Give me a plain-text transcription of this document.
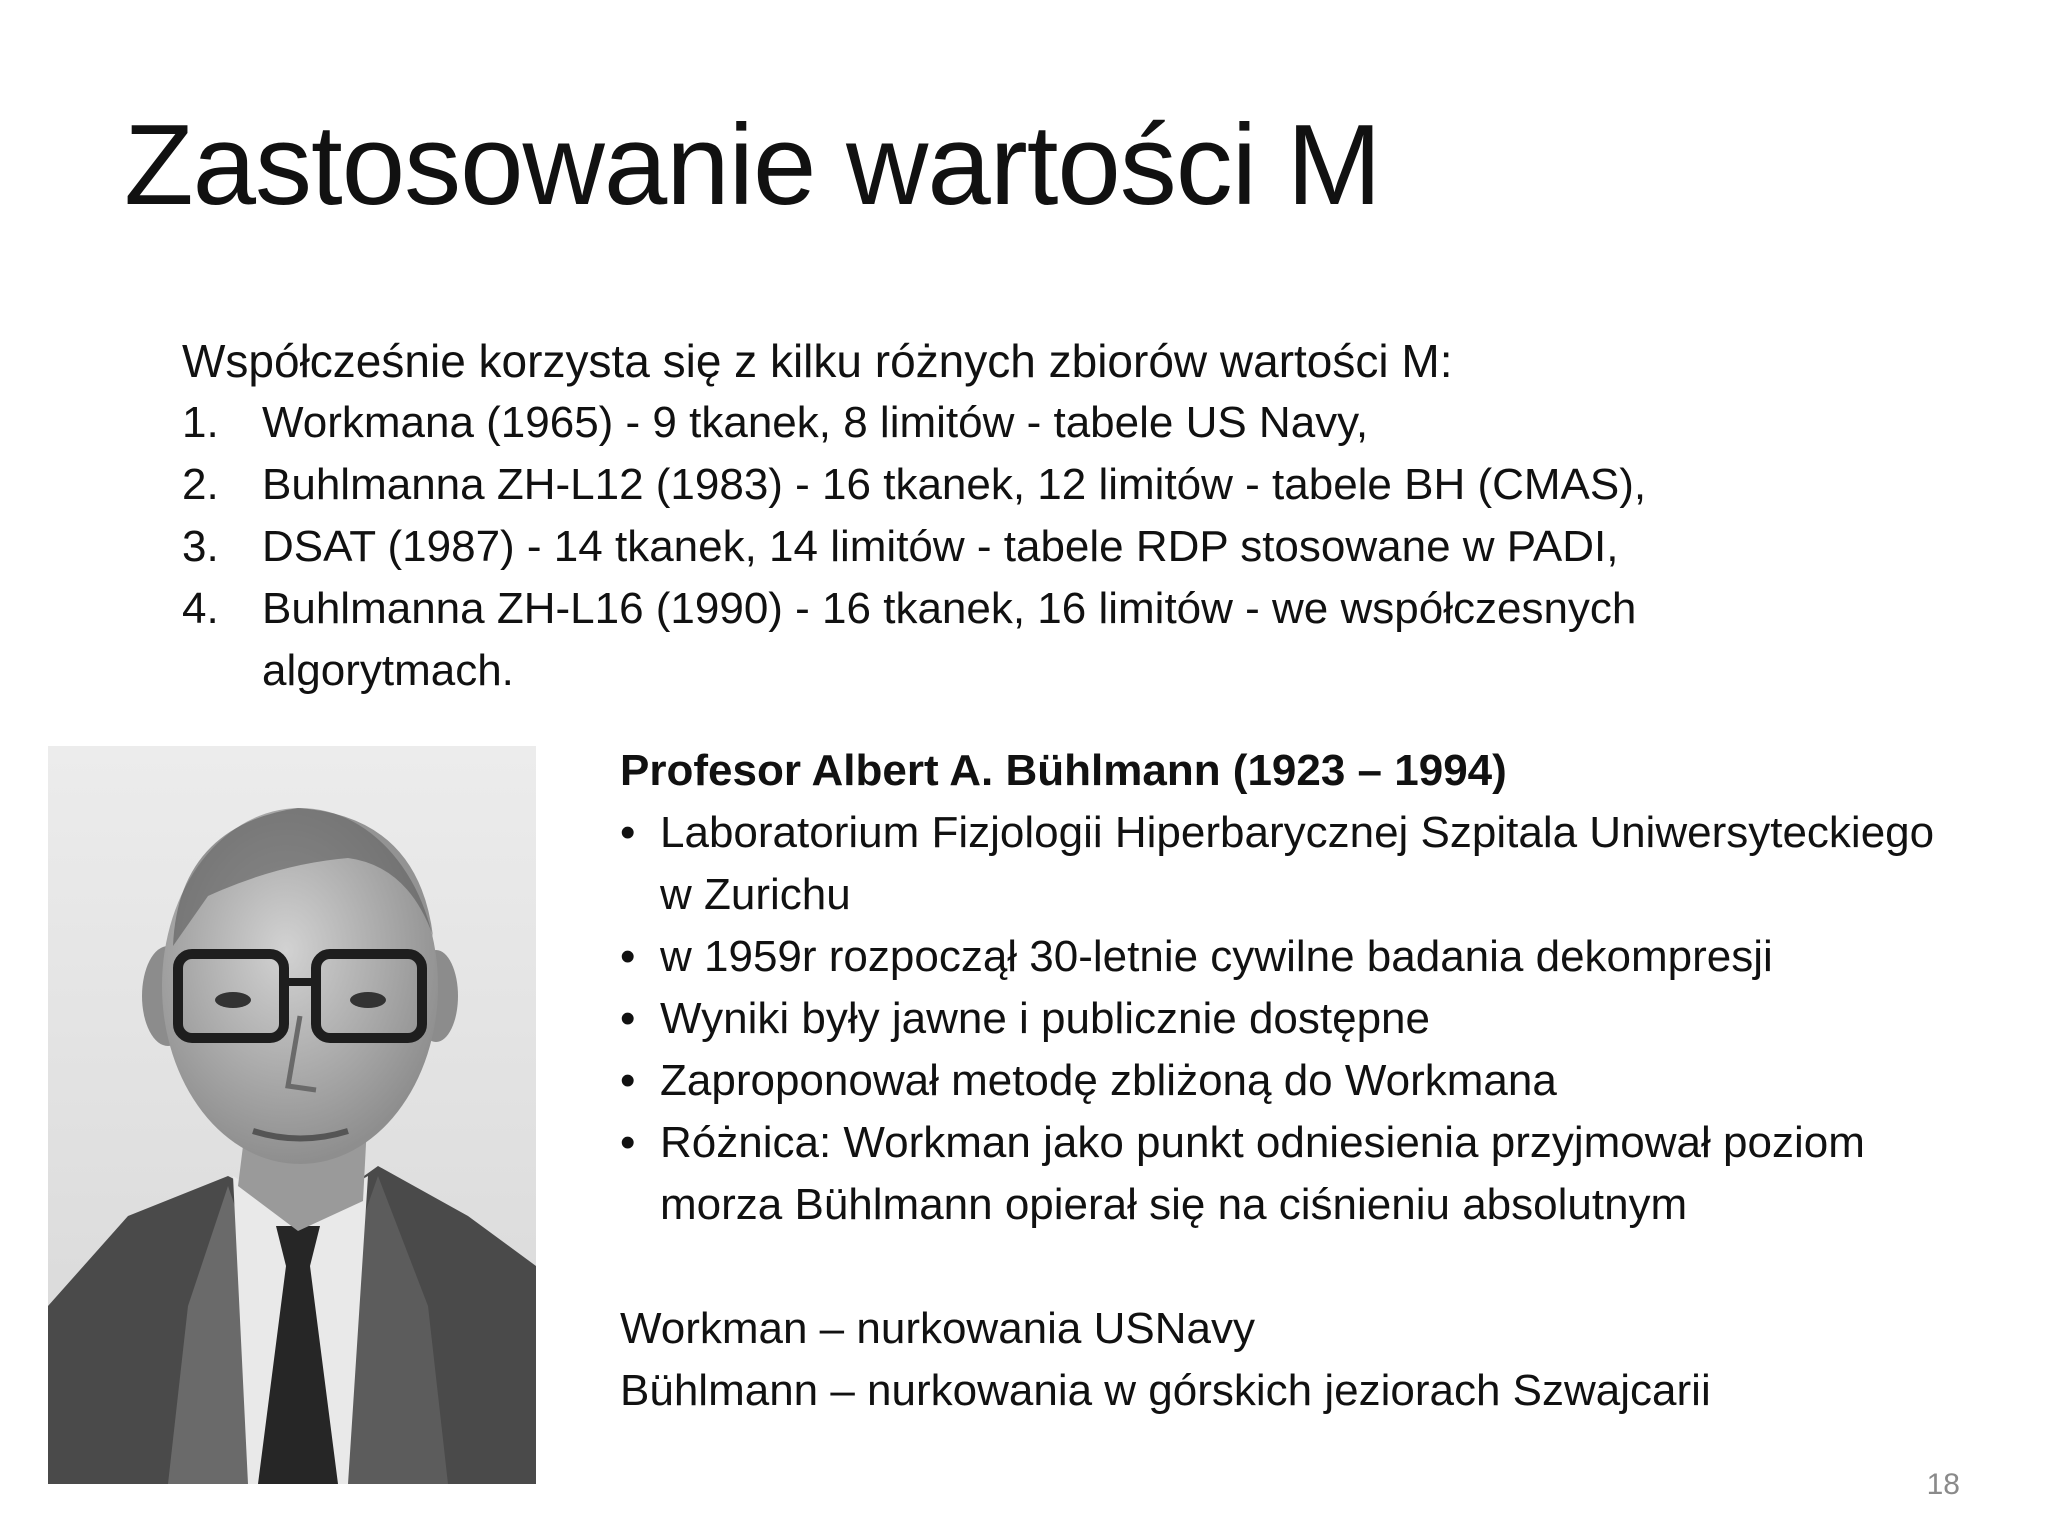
Zastosowanie wartości M
Współcześnie korzysta się z kilku różnych zbiorów wartości M:
1. Workmana (1965) - 9 tkanek, 8 limitów - tabele US Navy,
2. Buhlmanna ZH-L12 (1983) - 16 tkanek, 12 limitów - tabele BH (CMAS),
3. DSAT (1987) - 14 tkanek, 14 limitów - tabele RDP stosowane w PADI,
4. Buhlmanna ZH-L16 (1990) - 16 tkanek, 16 limitów - we współczesnych algorytmach.
Profesor Albert A. Bühlmann (1923 – 1994)
• Laboratorium Fizjologii Hiperbarycznej Szpitala Uniwersyteckiego w Zurichu
• w 1959r rozpoczął 30-letnie cywilne badania dekompresji
• Wyniki były jawne i publicznie dostępne
• Zaproponował metodę zbliżoną do Workmana
• Różnica: Workman jako punkt odniesienia przyjmował poziom morza Bühlmann opierał się na ciśnieniu absolutnym
Workman – nurkowania USNavy
Bühlmann – nurkowania w górskich jeziorach Szwajcarii
18
